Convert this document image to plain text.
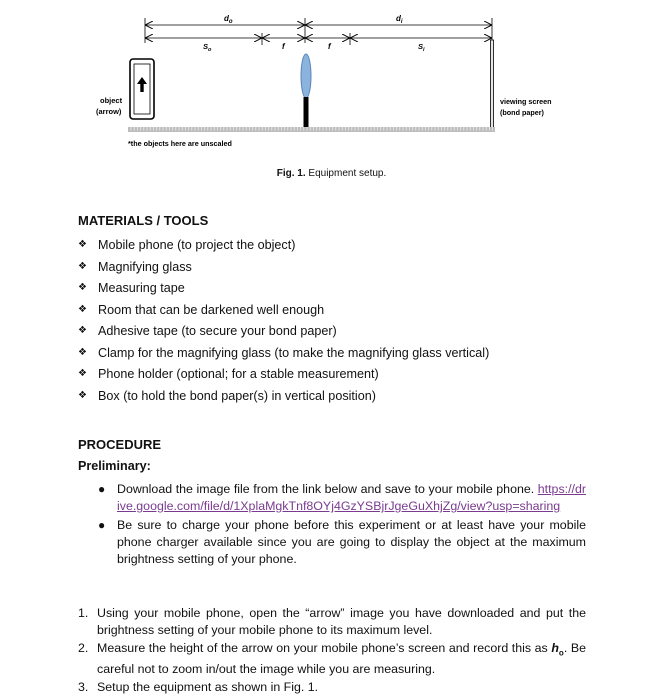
$d_o$	$d_i$
$S_o$	f	f	$S_i$
object
(arrow)
viewing screen
(bond paper)
*the objects here are unscaled
Fig. 1. Equipment setup.
MATERIALS / TOOLS
❖ Mobile phone (to project the object)
❖ Magnifying glass
❖ Measuring tape
❖ Room that can be darkened well enough
❖ Adhesive tape (to secure your bond paper)
❖ Clamp for the magnifying glass (to make the magnifying glass vertical)
❖ Phone holder (optional; for a stable measurement)
❖ Box (to hold the bond paper(s) in vertical position)
PROCEDURE
Preliminary:
● Download the image file from the link below and save to your mobile phone. https://drive.google.com/file/d/1XplaMgkTnf8OYj4GzYSBjrJgeGuXhjZg/view?usp=sharing
● Be sure to charge your phone before this experiment or at least have your mobile phone charger available since you are going to display the object at the maximum brightness setting of your phone.
1. Using your mobile phone, open the “arrow” image you have downloaded and put the brightness setting of your mobile phone to its maximum level.
2. Measure the height of the arrow on your mobile phone’s screen and record this as $h_o$. Be careful not to zoom in/out the image while you are measuring.
3. Setup the equipment as shown in Fig. 1.
